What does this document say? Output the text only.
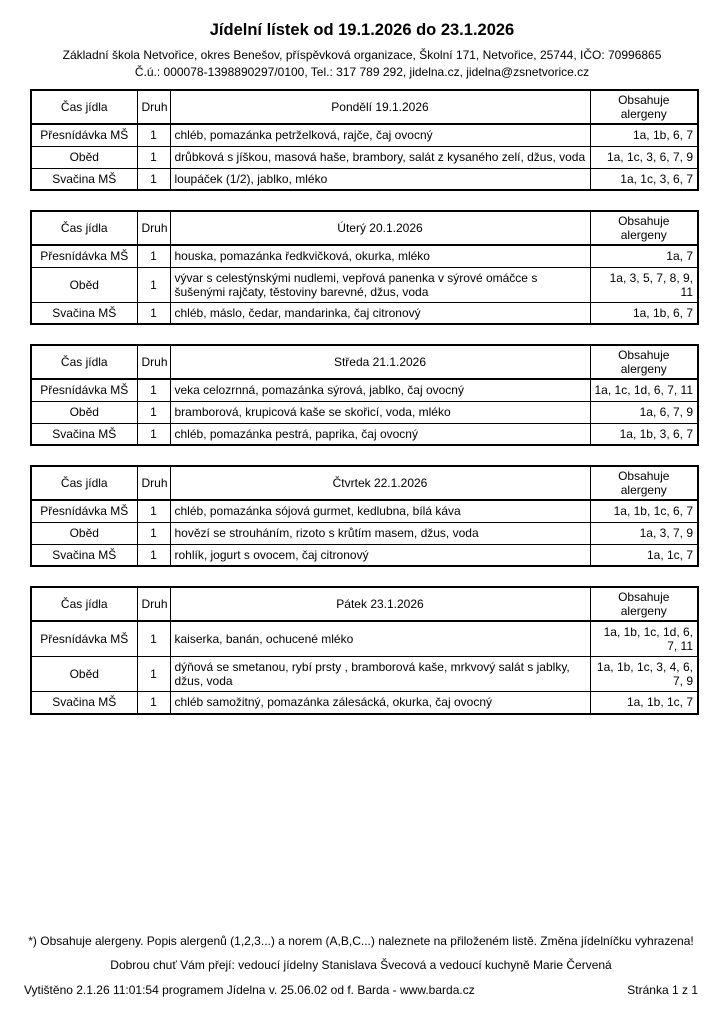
Jídelní lístek od 19.1.2026 do 23.1.2026
Základní škola Netvořice, okres Benešov, příspěvková organizace, Školní 171, Netvořice, 25744, IČO: 70996865
Č.ú.: 000078-1398890297/0100, Tel.: 317 789 292, jidelna.cz, jidelna@zsnetvorice.cz
Čas jídla	Druh	Pondělí 19.1.2026	Obsahuje alergeny
Přesnídávka MŠ	1	chléb, pomazánka petrželková, rajče, čaj ovocný	1a, 1b, 6, 7
Oběd	1	drůbková s jíškou, masová haše, brambory, salát z kysaného zelí, džus, voda	1a, 1c, 3, 6, 7, 9
Svačina MŠ	1	loupáček (1/2), jablko, mléko	1a, 1c, 3, 6, 7
Čas jídla	Druh	Úterý 20.1.2026	Obsahuje alergeny
Přesnídávka MŠ	1	houska, pomazánka ředkvičková, okurka, mléko	1a, 7
Oběd	1	vývar s celestýnskými nudlemi, vepřová panenka v sýrové omáčce s šušenými rajčaty, těstoviny barevné, džus, voda	1a, 3, 5, 7, 8, 9, 11
Svačina MŠ	1	chléb, máslo, čedar, mandarinka, čaj citronový	1a, 1b, 6, 7
Čas jídla	Druh	Středa 21.1.2026	Obsahuje alergeny
Přesnídávka MŠ	1	veka celozrnná, pomazánka sýrová, jablko, čaj ovocný	1a, 1c, 1d, 6, 7, 11
Oběd	1	bramborová, krupicová kaše se skořicí, voda, mléko	1a, 6, 7, 9
Svačina MŠ	1	chléb, pomazánka pestrá, paprika, čaj ovocný	1a, 1b, 3, 6, 7
Čas jídla	Druh	Čtvrtek 22.1.2026	Obsahuje alergeny
Přesnídávka MŠ	1	chléb, pomazánka sójová gurmet, kedlubna, bílá káva	1a, 1b, 1c, 6, 7
Oběd	1	hovězí se strouháním, rizoto s krůtím masem, džus, voda	1a, 3, 7, 9
Svačina MŠ	1	rohlík, jogurt s ovocem, čaj citronový	1a, 1c, 7
Čas jídla	Druh	Pátek 23.1.2026	Obsahuje alergeny
Přesnídávka MŠ	1	kaiserka, banán, ochucené mléko	1a, 1b, 1c, 1d, 6, 7, 11
Oběd	1	dýňová se smetanou, rybí prsty , bramborová kaše, mrkvový salát s jablky, džus, voda	1a, 1b, 1c, 3, 4, 6, 7, 9
Svačina MŠ	1	chléb samožitný, pomazánka zálesácká, okurka, čaj ovocný	1a, 1b, 1c, 7
*) Obsahuje alergeny. Popis alergenů (1,2,3...) a norem (A,B,C...) naleznete na přiloženém listě. Změna jídelníčku vyhrazena!
Dobrou chuť Vám přejí: vedoucí jídelny Stanislava Švecová a vedoucí kuchyně Marie Červená
Vytištěno 2.1.26 11:01:54 programem Jídelna v. 25.06.02 od f. Barda - www.barda.cz	Stránka 1 z 1
